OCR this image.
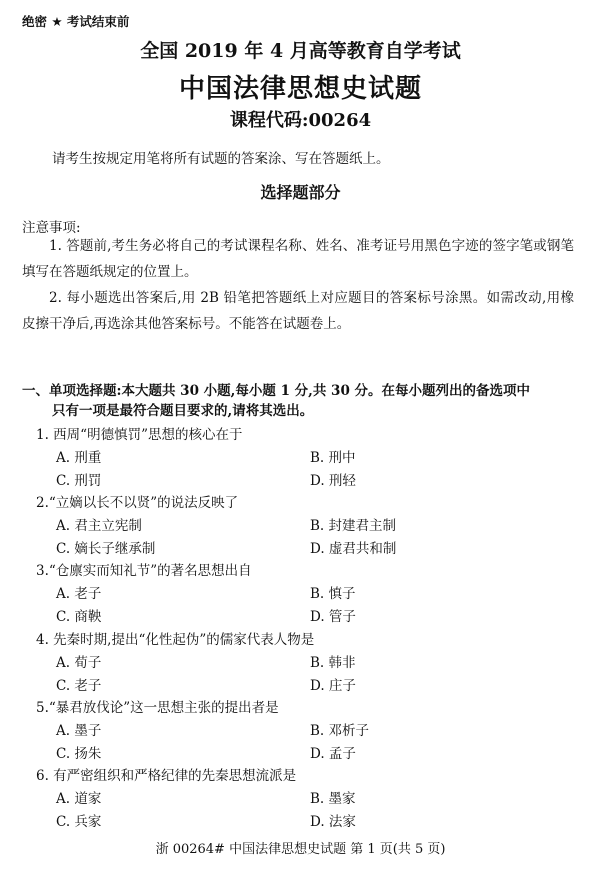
绝密 ★ 考试结束前
全国 2019 年 4 月高等教育自学考试
中国法律思想史试题
课程代码:00264
请考生按规定用笔将所有试题的答案涂、写在答题纸上。
选择题部分
注意事项:
1. 答题前,考生务必将自己的考试课程名称、姓名、准考证号用黑色字迹的签字笔或钢笔填写在答题纸规定的位置上。
2. 每小题选出答案后,用 2B 铅笔把答题纸上对应题目的答案标号涂黑。如需改动,用橡皮擦干净后,再选涂其他答案标号。不能答在试题卷上。
一、单项选择题:本大题共 30 小题,每小题 1 分,共 30 分。在每小题列出的备选项中
只有一项是最符合题目要求的,请将其选出。
1. 西周“明德慎罚”思想的核心在于
A. 刑重	B. 刑中
C. 刑罚	D. 刑轻
2.“立嫡以长不以贤”的说法反映了
A. 君主立宪制	B. 封建君主制
C. 嫡长子继承制	D. 虚君共和制
3.“仓廪实而知礼节”的著名思想出自
A. 老子	B. 慎子
C. 商鞅	D. 管子
4. 先秦时期,提出“化性起伪”的儒家代表人物是
A. 荀子	B. 韩非
C. 老子	D. 庄子
5.“暴君放伐论”这一思想主张的提出者是
A. 墨子	B. 邓析子
C. 扬朱	D. 孟子
6. 有严密组织和严格纪律的先秦思想流派是
A. 道家	B. 墨家
C. 兵家	D. 法家
浙 00264# 中国法律思想史试题 第 1 页(共 5 页)
